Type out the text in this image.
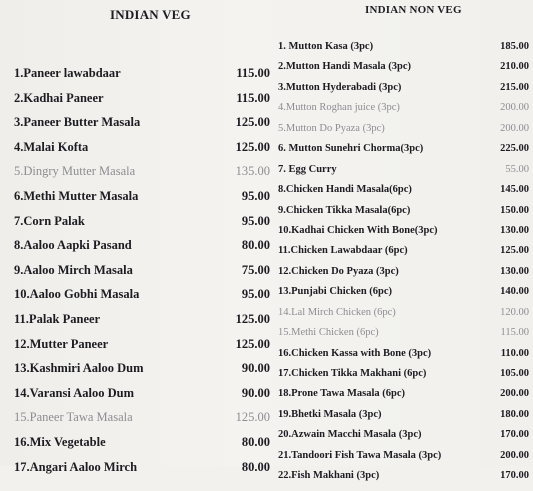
INDIAN VEG
1.Paneer lawabdaar	115.00
2.Kadhai Paneer	115.00
3.Paneer Butter Masala	125.00
4.Malai Kofta	125.00
5.Dingry Mutter Masala	135.00
6.Methi Mutter Masala	95.00
7.Corn Palak	95.00
8.Aaloo Aapki Pasand	80.00
9.Aaloo Mirch Masala	75.00
10.Aaloo Gobhi Masala	95.00
11.Palak Paneer	125.00
12.Mutter Paneer	125.00
13.Kashmiri Aaloo Dum	90.00
14.Varansi Aaloo Dum	90.00
15.Paneer Tawa Masala	125.00
16.Mix Vegetable	80.00
17.Angari Aaloo Mirch	80.00
INDIAN NON VEG
1. Mutton Kasa (3pc)	185.00
2.Mutton Handi Masala (3pc)	210.00
3.Mutton Hyderabadi (3pc)	215.00
4.Mutton Roghan juice (3pc)	200.00
5.Mutton Do Pyaza (3pc)	200.00
6. Mutton Sunehri Chorma(3pc)	225.00
7. Egg Curry	55.00
8.Chicken Handi Masala(6pc)	145.00
9.Chicken Tikka Masala(6pc)	150.00
10.Kadhai Chicken With Bone(3pc)	130.00
11.Chicken Lawabdaar (6pc)	125.00
12.Chicken Do Pyaza (3pc)	130.00
13.Punjabi Chicken (6pc)	140.00
14.Lal Mirch Chicken (6pc)	120.00
15.Methi Chicken (6pc)	115.00
16.Chicken Kassa with Bone (3pc)	110.00
17.Chicken Tikka Makhani (6pc)	105.00
18.Prone Tawa Masala (6pc)	200.00
19.Bhetki Masala (3pc)	180.00
20.Azwain Macchi Masala (3pc)	170.00
21.Tandoori Fish Tawa Masala (3pc)	200.00
22.Fish Makhani (3pc)	170.00
